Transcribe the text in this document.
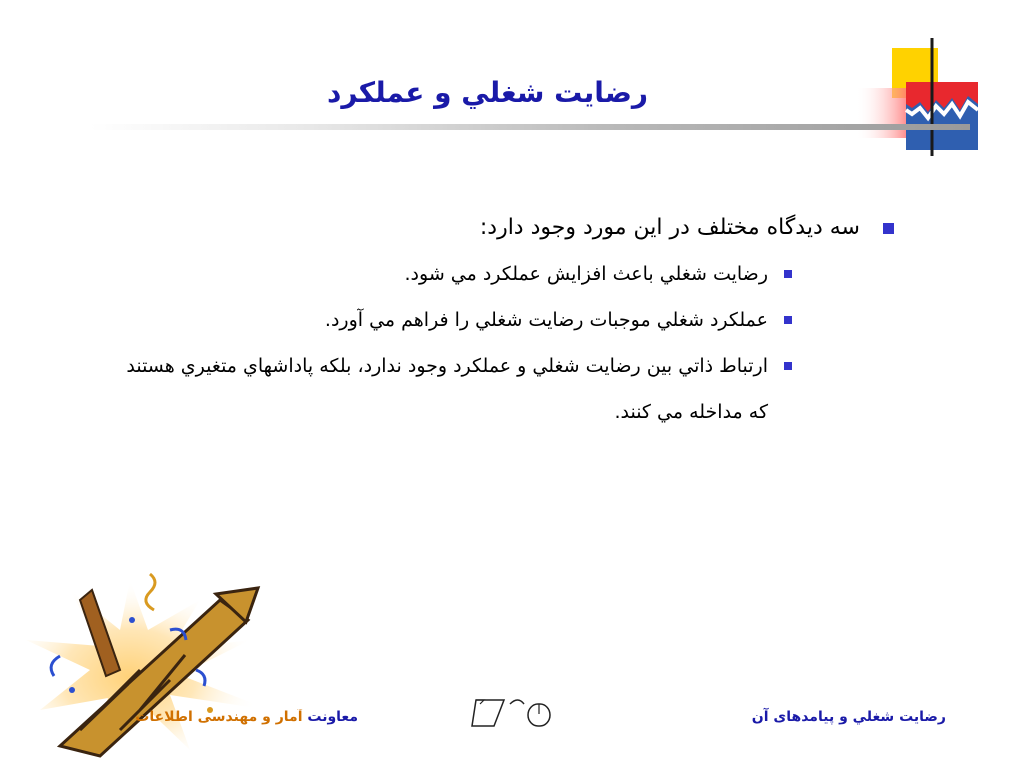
رضايت شغلي و عملكرد

سه دیدگاه مختلف در این مورد وجود دارد:

رضايت شغلي باعث افزايش عملكرد مي شود.

عملكرد شغلي موجبات رضايت شغلي را فراهم مي آورد.

ارتباط ذاتي بين رضايت شغلي و عملكرد وجود ندارد، بلكه پاداشهاي متغيري هستند كه مداخله مي كنند.

معاونت آمار و مهندسی اطلاعات	رضايت شغلي و پيامدهای آن
